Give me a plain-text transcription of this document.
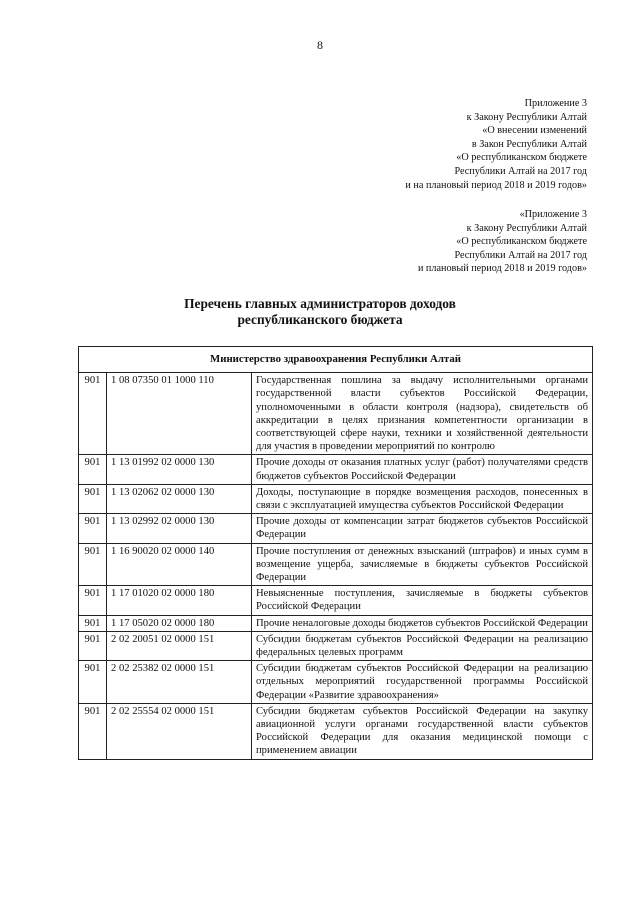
8
Приложение 3
к Закону Республики Алтай
«О внесении изменений
в Закон Республики Алтай
«О республиканском бюджете
Республики Алтай на 2017 год
и на плановый период 2018 и 2019 годов»
«Приложение 3
к Закону Республики Алтай
«О республиканском бюджете
Республики Алтай на 2017 год
и плановый период 2018 и 2019 годов»
Перечень главных администраторов доходов
республиканского бюджета
Министерство здравоохранения Республики Алтай		
901	1 08 07350 01 1000 110	Государственная пошлина за выдачу исполнительными органами государственной власти субъектов Российской Федерации, уполномоченными в области контроля (надзора), свидетельств об аккредитации в целях признания компетентности организации в соответствующей сфере науки, техники и хозяйственной деятельности для участия в проведении мероприятий по контролю
901	1 13 01992 02 0000 130	Прочие доходы от оказания платных услуг (работ) получателями средств бюджетов субъектов Российской Федерации
901	1 13 02062 02 0000 130	Доходы, поступающие в порядке возмещения расходов, понесенных в связи с эксплуатацией имущества субъектов Российской Федерации
901	1 13 02992 02 0000 130	Прочие доходы от компенсации затрат бюджетов субъектов Российской Федерации
901	1 16 90020 02 0000 140	Прочие поступления от денежных взысканий (штрафов) и иных сумм в возмещение ущерба, зачисляемые в бюджеты субъектов Российской Федерации
901	1 17 01020 02 0000 180	Невыясненные поступления, зачисляемые в бюджеты субъектов Российской Федерации
901	1 17 05020 02 0000 180	Прочие неналоговые доходы бюджетов субъектов Российской Федерации
901	2 02 20051 02 0000 151	Субсидии бюджетам субъектов Российской Федерации на реализацию федеральных целевых программ
901	2 02 25382 02 0000 151	Субсидии бюджетам субъектов Российской Федерации на реализацию отдельных мероприятий государственной программы Российской Федерации «Развитие здравоохранения»
901	2 02 25554 02 0000 151	Субсидии бюджетам субъектов Российской Федерации на закупку авиационной услуги органами государственной власти субъектов Российской Федерации для оказания медицинской помощи с применением авиации
